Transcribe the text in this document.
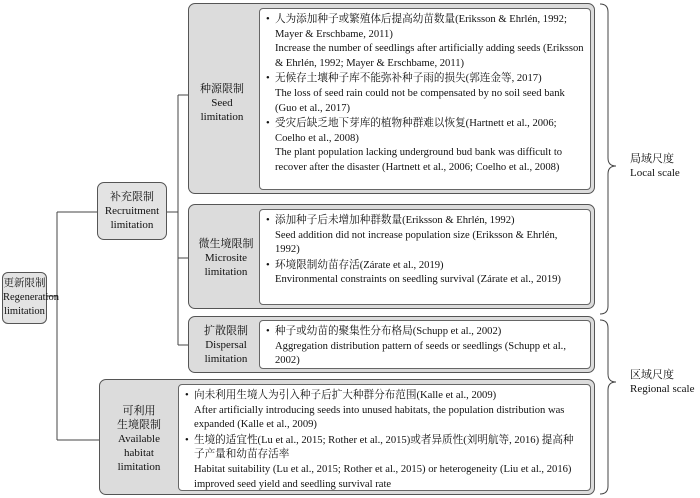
更新限制
Regeneration
limitation
补充限制
Recruitment
limitation
种源限制
Seed
limitation
• 人为添加种子或繁殖体后提高幼苗数量(Eriksson & Ehrlén, 1992; Mayer & Erschbame, 2011)
Increase the number of seedlings after artificially adding seeds (Eriksson & Ehrlén, 1992; Mayer & Erschbame, 2011)
• 无候存土壤种子库不能弥补种子雨的损失(郭连金等, 2017)
The loss of seed rain could not be compensated by no soil seed bank (Guo et al., 2017)
• 受灾后缺乏地下芽库的植物种群难以恢复(Hartnett et al., 2006; Coelho et al., 2008)
The plant population lacking underground bud bank was difficult to recover after the disaster (Hartnett et al., 2006; Coelho et al., 2008)
微生境限制
Microsite
limitation
• 添加种子后未增加种群数量(Eriksson & Ehrlén, 1992)
Seed addition did not increase population size (Eriksson & Ehrlén, 1992)
• 环境限制幼苗存活(Zárate et al., 2019)
Environmental constraints on seedling survival (Zárate et al., 2019)
扩散限制
Dispersal
limitation
• 种子或幼苗的聚集性分布格局(Schupp et al., 2002)
Aggregation distribution pattern of seeds or seedlings (Schupp et al., 2002)
可利用
生境限制
Available
habitat
limitation
• 向未利用生境人为引入种子后扩大种群分布范围(Kalle et al., 2009)
After artificially introducing seeds into unused habitats, the population distribution was expanded (Kalle et al., 2009)
• 生境的适宜性(Lu et al., 2015; Rother et al., 2015)或者异质性(刘明航等, 2016) 提高种子产量和幼苗存活率
Habitat suitability (Lu et al., 2015; Rother et al., 2015) or heterogeneity (Liu et al., 2016) improved seed yield and seedling survival rate
局域尺度
Local scale
区域尺度
Regional scale
